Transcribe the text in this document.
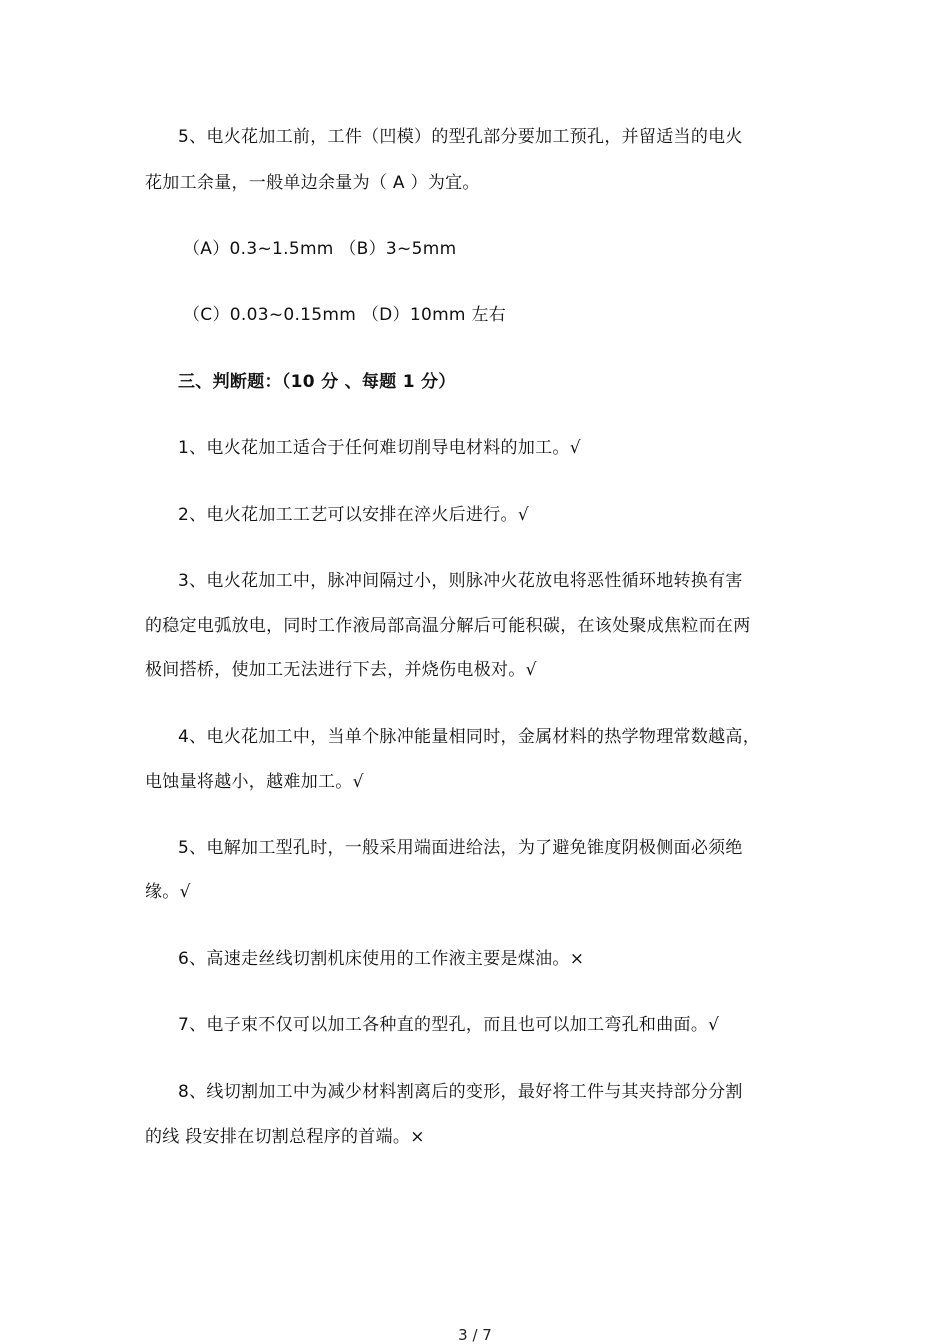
5、电火花加工前，工件（凹模）的型孔部分要加工预孔，并留适当的电火
花加工余量，一般单边余量为（ A ）为宜。
（A）0.3~1.5mm （B）3~5mm
（C）0.03~0.15mm （D）10mm 左右
三、判断题：（10 分 、每题 1 分）
1、电火花加工适合于任何难切削导电材料的加工。√
2、电火花加工工艺可以安排在淬火后进行。√
3、电火花加工中，脉冲间隔过小，则脉冲火花放电将恶性循环地转换有害
的稳定电弧放电，同时工作液局部高温分解后可能积碳，在该处聚成焦粒而在两
极间搭桥，使加工无法进行下去，并烧伤电极对。√
4、电火花加工中，当单个脉冲能量相同时，金属材料的热学物理常数越高，
电蚀量将越小，越难加工。√
5、电解加工型孔时，一般采用端面进给法，为了避免锥度阴极侧面必须绝
缘。√
6、高速走丝线切割机床使用的工作液主要是煤油。×
7、电子束不仅可以加工各种直的型孔，而且也可以加工弯孔和曲面。√
8、线切割加工中为减少材料割离后的变形，最好将工件与其夹持部分分割
的线 段安排在切割总程序的首端。×
3 / 7
